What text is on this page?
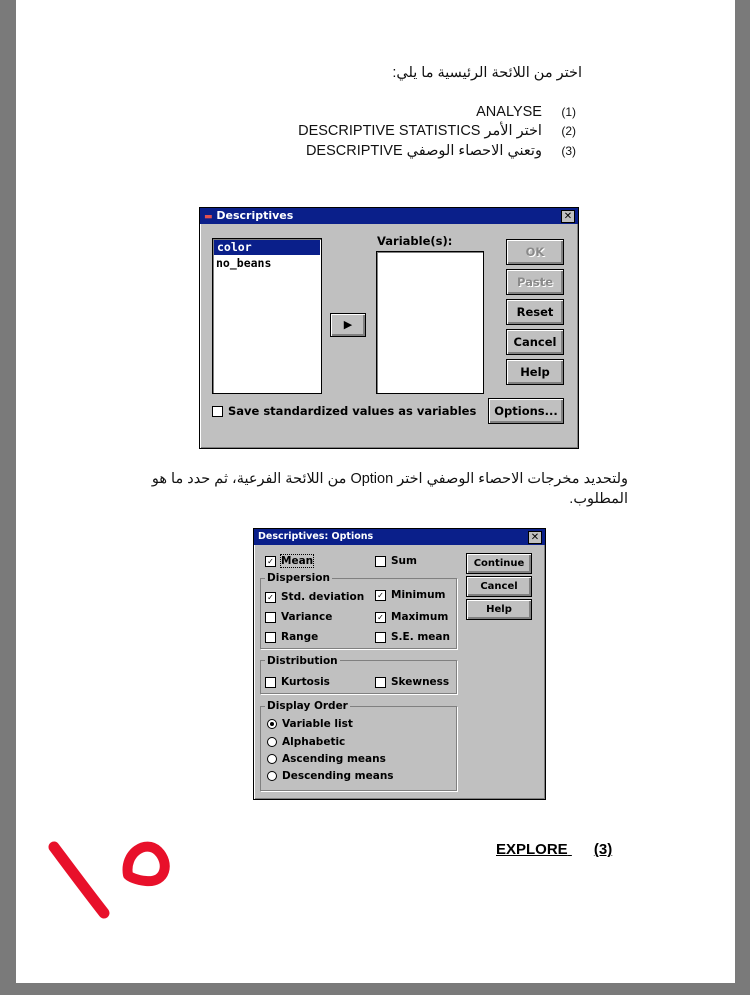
اختر من اللائحة الرئيسية ما يلي:
ANALYSE (1)
اختر الأمر DESCRIPTIVE STATISTICS (2)
DESCRIPTIVE وتعني الاحصاء الوصفي (3)
▬ Descriptives	✕
color
no_beans
Variable(s):
▶
OK
Paste
Reset
Cancel
Help
Save standardized values as variables	Options...
ولتحديد مخرجات الاحصاء الوصفي اختر Option من اللائحة الفرعية، ثم حدد ما هو المطلوب.
Descriptives: Options	✕
✓ Mean	Sum
Dispersion
✓ Std. deviation ✓ Minimum
Variance	✓ Maximum
Range	S.E. mean
Distribution
Kurtosis	Skewness
Display Order
Variable list
Alphabetic
Ascending means
Descending means
Continue
Cancel
Help
EXPLORE (3)
